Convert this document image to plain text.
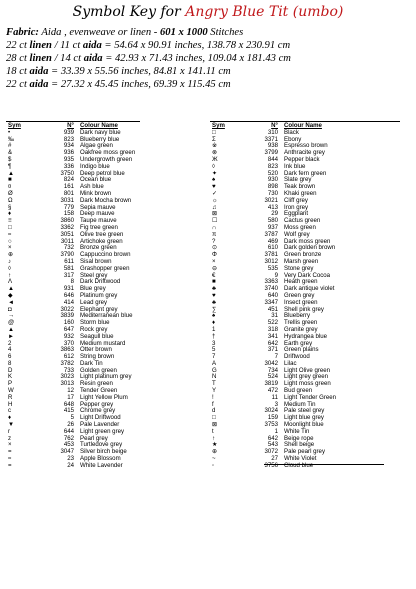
Symbol Key for Angry Blue Tit (umbo)
Fabric: Aida , evenweave or linen - 601 x 1000 Stitches
22 ct linen / 11 ct aida = 54.64 x 90.91 inches, 138.78 x 230.91 cm
28 ct linen / 14 ct aida = 42.93 x 71.43 inches, 109.04 x 181.43 cm
18 ct aida = 33.39 x 55.56 inches, 84.81 x 141.11 cm
22 ct aida = 27.32 x 45.45 inches, 69.39 x 115.45 cm
Sym	N° Colour Name
•	939 Dark navy blue
‰	823 Blueberry blue
#	934 Algae green
&	936 Oakfree moss green
$	935 Undergrowth green
¶	336 Indigo blue
▲	3750 Deep petrol blue
■	824 Ocean blue
¤	161 Ash blue
Ø	801 Mink brown
Ω	3031 Dark Mocha brown
§	779 Sepia mauve
♦	158 Deep mauve
≡	3860 Taupe mauve
□	3362 Fig tree green
≈	3051 Olive tree green
○	3011 Artichoke green
×	732 Bronze green
⊕	3790 Cappuccino brown
♪	611 Sisal brown
◊	581 Grashopper green
↑	317 Steel grey
Λ	8 Dark Driftwood
▲	931 Blue grey
◆	646 Platinum grey
◄	414 Lead grey
◘	3022 Elephant grey
→	3839 Mediterranean blue
@	160 Storm blue
▲	647 Rock grey
►	932 Seagull blue
2	370 Medium mustard
4	3863 Otter brown
6	612 String brown
8	3782 Dark Tin
D	733 Golden green
K	3023 Light platinum grey
P	3013 Resin green
W	12 Tender Green
R	17 Light Yellow Plum
H	648 Pepper grey
c	415 Chrome grey
♦	5 Light Driftwood
▼	26 Pale Lavender
r	644 Light green grey
z	762 Pearl grey
×	453 Turtledove grey
=	3047 Silver birch beige
≈	23 Apple Blossom
=	24 White Lavender
Sym	N° Colour Name
□	310 Black
Σ	3371 Ebony
※	938 Espresso brown
⊗	3799 Anthracite grey
Ж	844 Pepper black
◊	823 Ink blue
✦	520 Dark fern green
♠	930 Slate grey
♥	898 Teak brown
✓	730 Khaki green
☼	3021 Cliff grey
♫	413 Iron grey
⊠	29 Eggplant
☐	580 Cactus green
∩	937 Moss green
π	3787 Wolf grey
?	469 Dark moss green
⊙	610 Dark golden brown
Φ	3781 Green bronze
×	3012 Marsh green
⊖	535 Stone grey
€	9 Very Dark Cocoa
■	3363 Heath green
♣	3740 Dark antique violet
♥	640 Green grey
♣	3347 Insect green
∑	451 Shell pink grey
♠	31 Blueberry
♦	522 Trellis green
1	318 Granite grey
†	341 Hydrangea blue
3	642 Earth grey
5	371 Green plains
7	7 Driftwood
A	3042 Lilac
G	734 Light Olive green
N	524 Light grey green
T	3819 Light moss green
Y	472 Bud green
!	11 Light Tender Green
f	3 Medium Tin
d	3024 Pale steel grey
□	159 Light blue grey
⊠	3753 Moonlight blue
t	1 White Tin
↑	642 Beige rope
★	543 Shell beige
⊕	3072 Pale pearl grey
~	27 White Violet
◦	3756 Cloud blue
